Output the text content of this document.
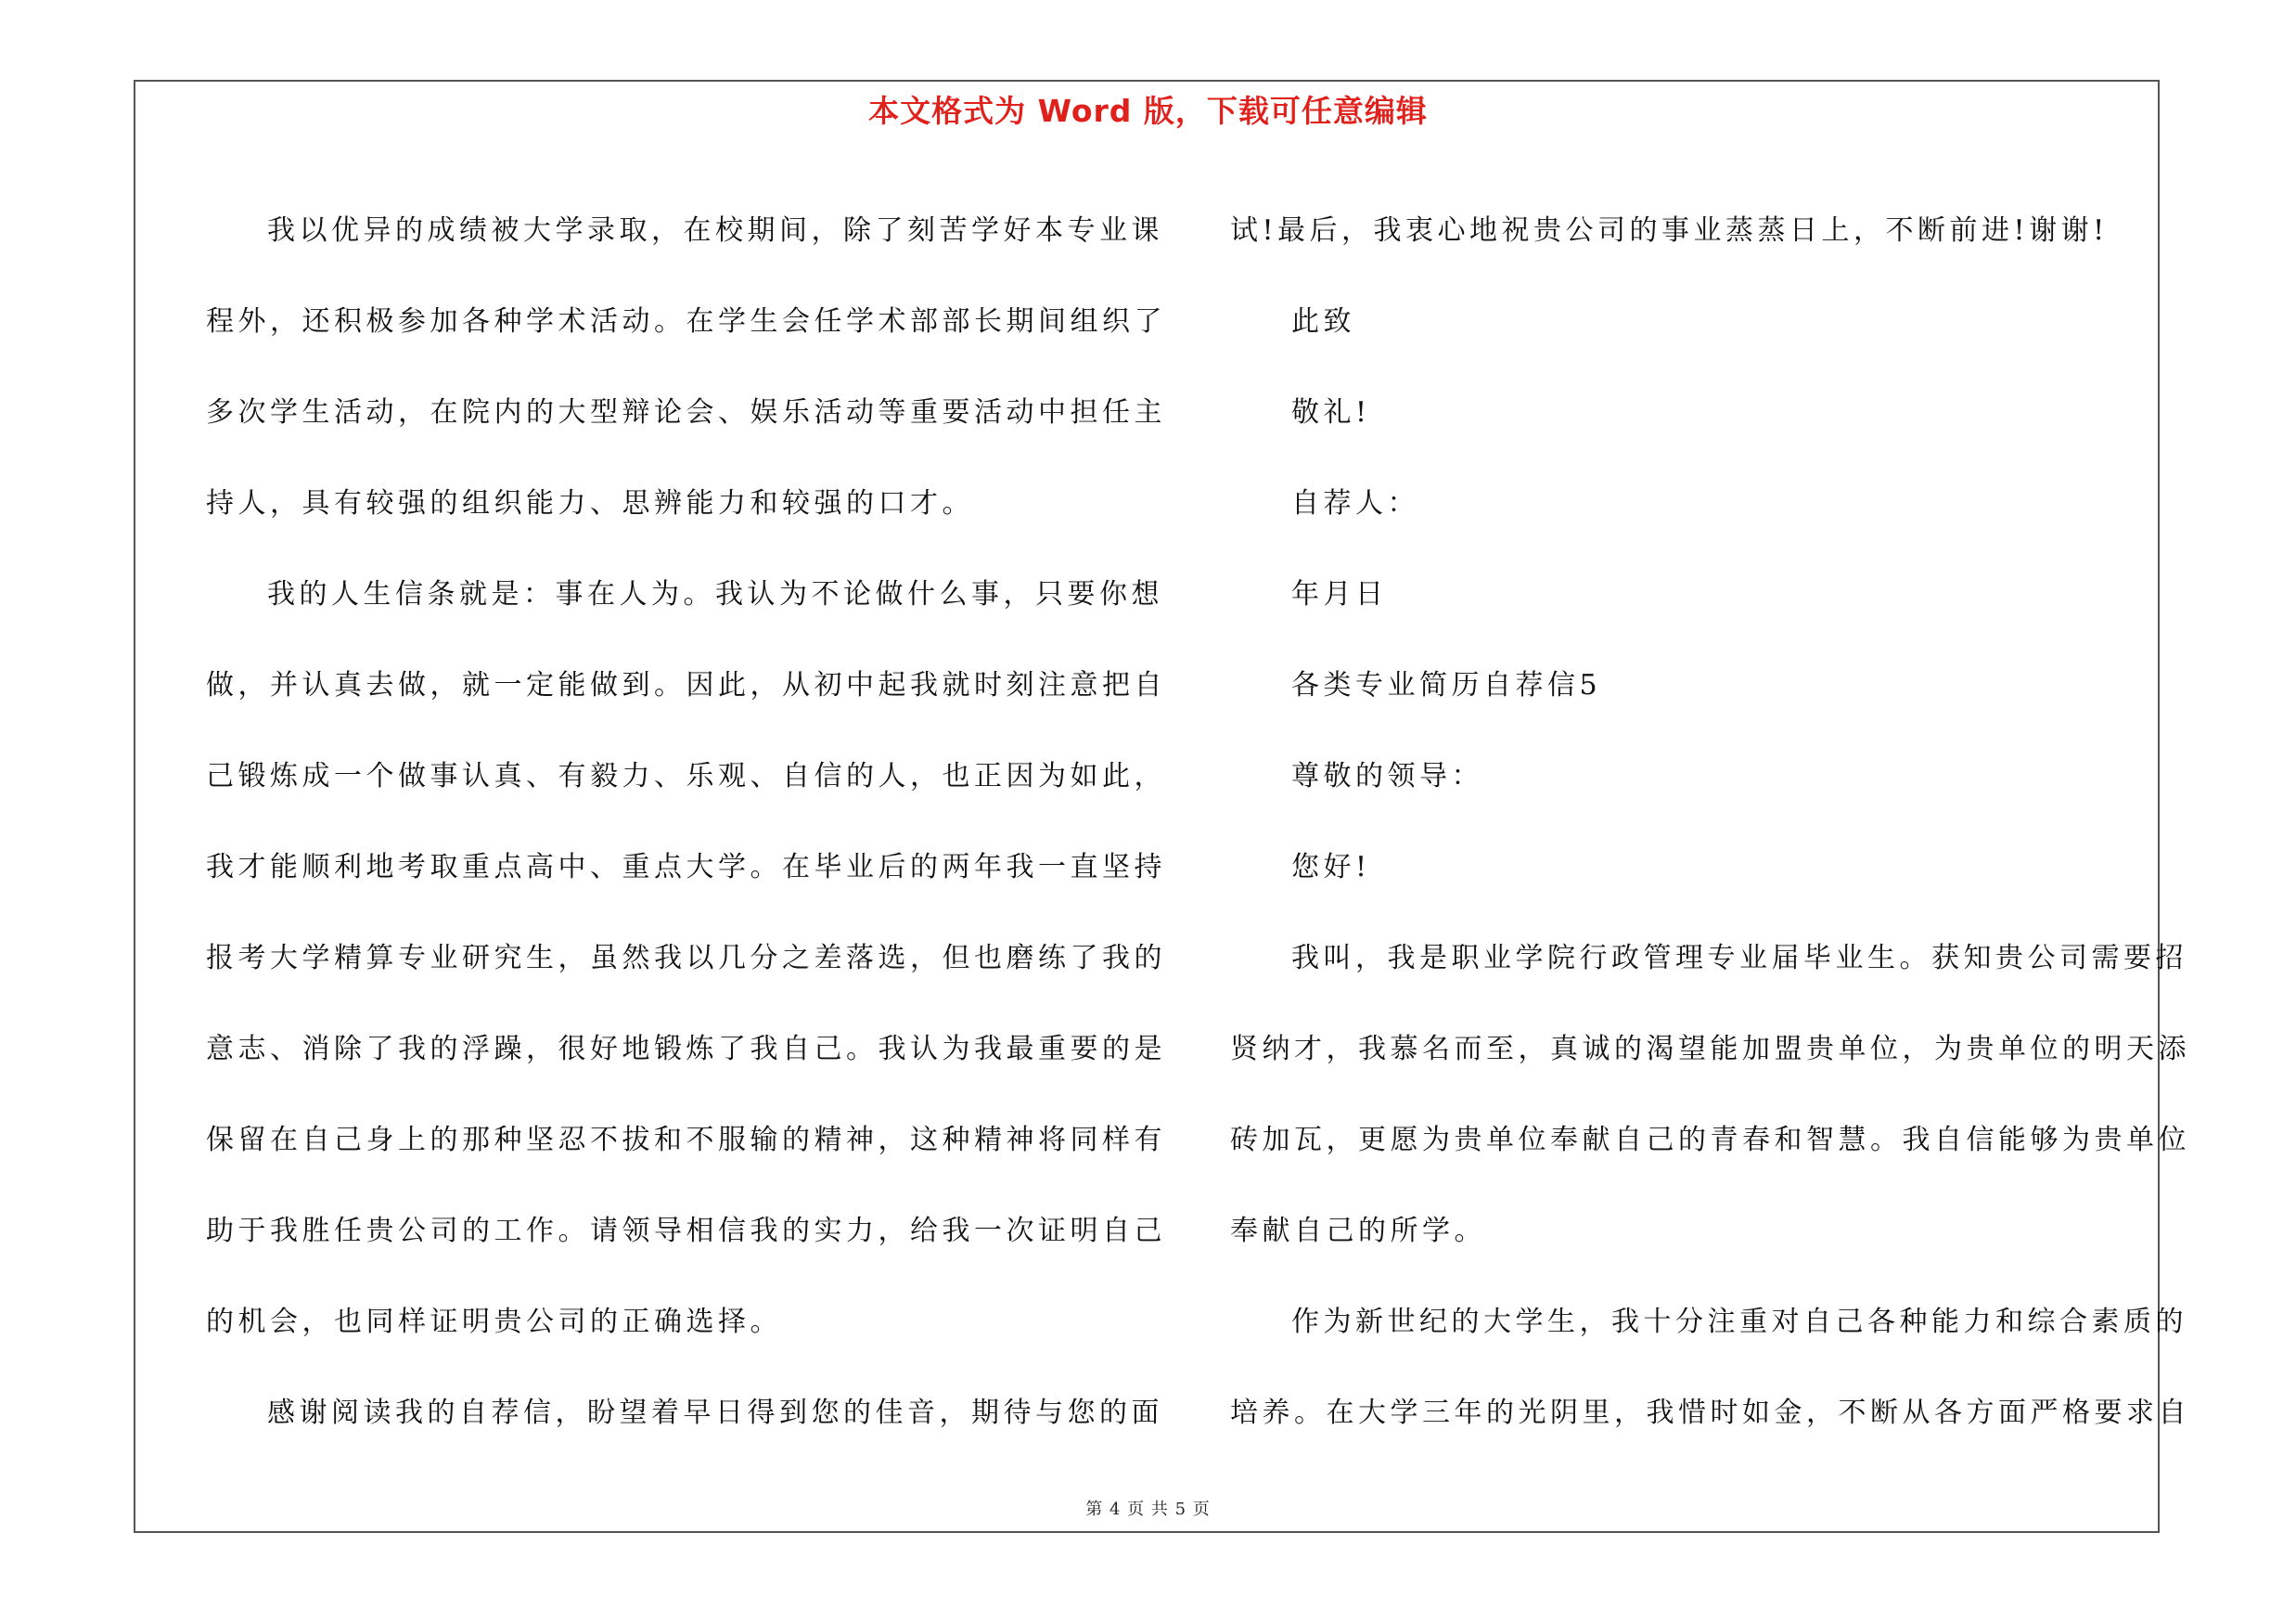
本文格式为 Word 版，下载可任意编辑
我以优异的成绩被大学录取，在校期间，除了刻苦学好本专业课
程外，还积极参加各种学术活动。在学生会任学术部部长期间组织了
多次学生活动，在院内的大型辩论会、娱乐活动等重要活动中担任主
持人，具有较强的组织能力、思辨能力和较强的口才。
我的人生信条就是：事在人为。我认为不论做什么事，只要你想
做，并认真去做，就一定能做到。因此，从初中起我就时刻注意把自
己锻炼成一个做事认真、有毅力、乐观、自信的人，也正因为如此，
我才能顺利地考取重点高中、重点大学。在毕业后的两年我一直坚持
报考大学精算专业研究生，虽然我以几分之差落选，但也磨练了我的
意志、消除了我的浮躁，很好地锻炼了我自己。我认为我最重要的是
保留在自己身上的那种坚忍不拔和不服输的精神，这种精神将同样有
助于我胜任贵公司的工作。请领导相信我的实力，给我一次证明自己
的机会，也同样证明贵公司的正确选择。
感谢阅读我的自荐信，盼望着早日得到您的佳音，期待与您的面
试!最后，我衷心地祝贵公司的事业蒸蒸日上，不断前进!谢谢!
此致
敬礼!
自荐人：
年月日
各类专业简历自荐信5
尊敬的领导：
您好!
我叫，我是职业学院行政管理专业届毕业生。获知贵公司需要招
贤纳才，我慕名而至，真诚的渴望能加盟贵单位，为贵单位的明天添
砖加瓦，更愿为贵单位奉献自己的青春和智慧。我自信能够为贵单位
奉献自己的所学。
作为新世纪的大学生，我十分注重对自己各种能力和综合素质的
培养。在大学三年的光阴里，我惜时如金，不断从各方面严格要求自
第 4 页 共 5 页
